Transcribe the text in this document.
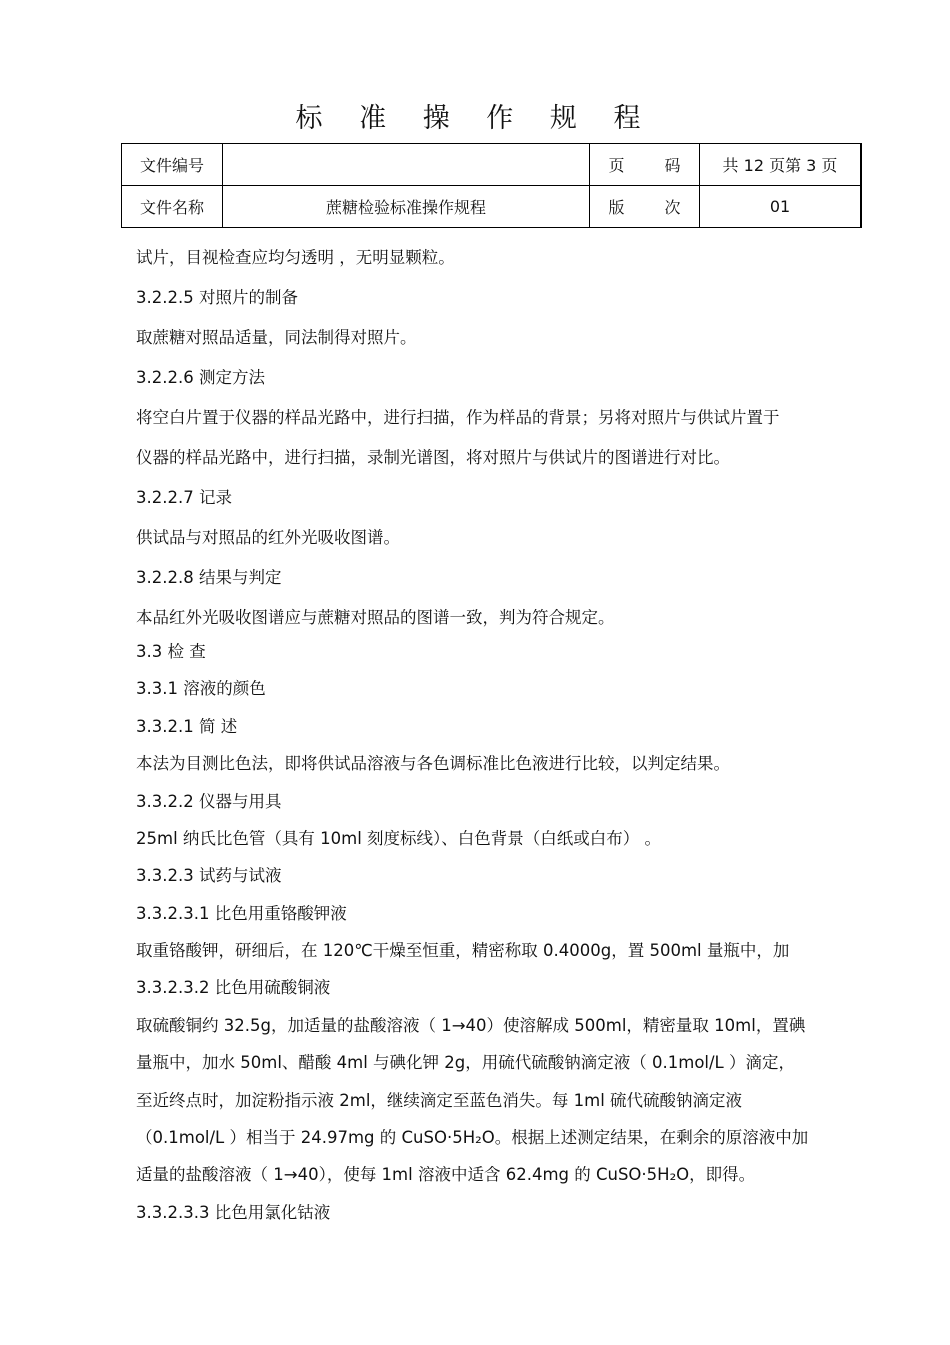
标 准 操 作 规 程
文件编号		页 码	共 12 页第 3 页
文件名称	蔗糖检验标准操作规程	版 次	01
试片，目视检查应均匀透明 ，无明显颗粒。
3.2.2.5 对照片的制备
取蔗糖对照品适量，同法制得对照片。
3.2.2.6 测定方法
将空白片置于仪器的样品光路中，进行扫描，作为样品的背景；另将对照片与供试片置于
仪器的样品光路中，进行扫描，录制光谱图，将对照片与供试片的图谱进行对比。
3.2.2.7 记录
供试品与对照品的红外光吸收图谱。
3.2.2.8 结果与判定
本品红外光吸收图谱应与蔗糖对照品的图谱一致，判为符合规定。
3.3 检 查
3.3.1 溶液的颜色
3.3.2.1 简 述
本法为目测比色法，即将供试品溶液与各色调标准比色液进行比较，以判定结果。
3.3.2.2 仪器与用具
25ml 纳氏比色管（具有 10ml 刻度标线）、白色背景（白纸或白布） 。
3.3.2.3 试药与试液
3.3.2.3.1 比色用重铬酸钾液
取重铬酸钾，研细后，在 120℃干燥至恒重，精密称取 0.4000g，置 500ml 量瓶中，加
3.3.2.3.2 比色用硫酸铜液
取硫酸铜约 32.5g，加适量的盐酸溶液（ 1→40）使溶解成 500ml，精密量取 10ml，置碘
量瓶中，加水 50ml、醋酸 4ml 与碘化钾 2g，用硫代硫酸钠滴定液（ 0.1mol/L ）滴定，
至近终点时，加淀粉指示液 2ml，继续滴定至蓝色消失。每 1ml 硫代硫酸钠滴定液
（0.1mol/L ）相当于 24.97mg 的 CuSO·5H₂O。根据上述测定结果，在剩余的原溶液中加
适量的盐酸溶液（ 1→40），使每 1ml 溶液中适含 62.4mg 的 CuSO·5H₂O，即得。
3.3.2.3.3 比色用氯化钴液
